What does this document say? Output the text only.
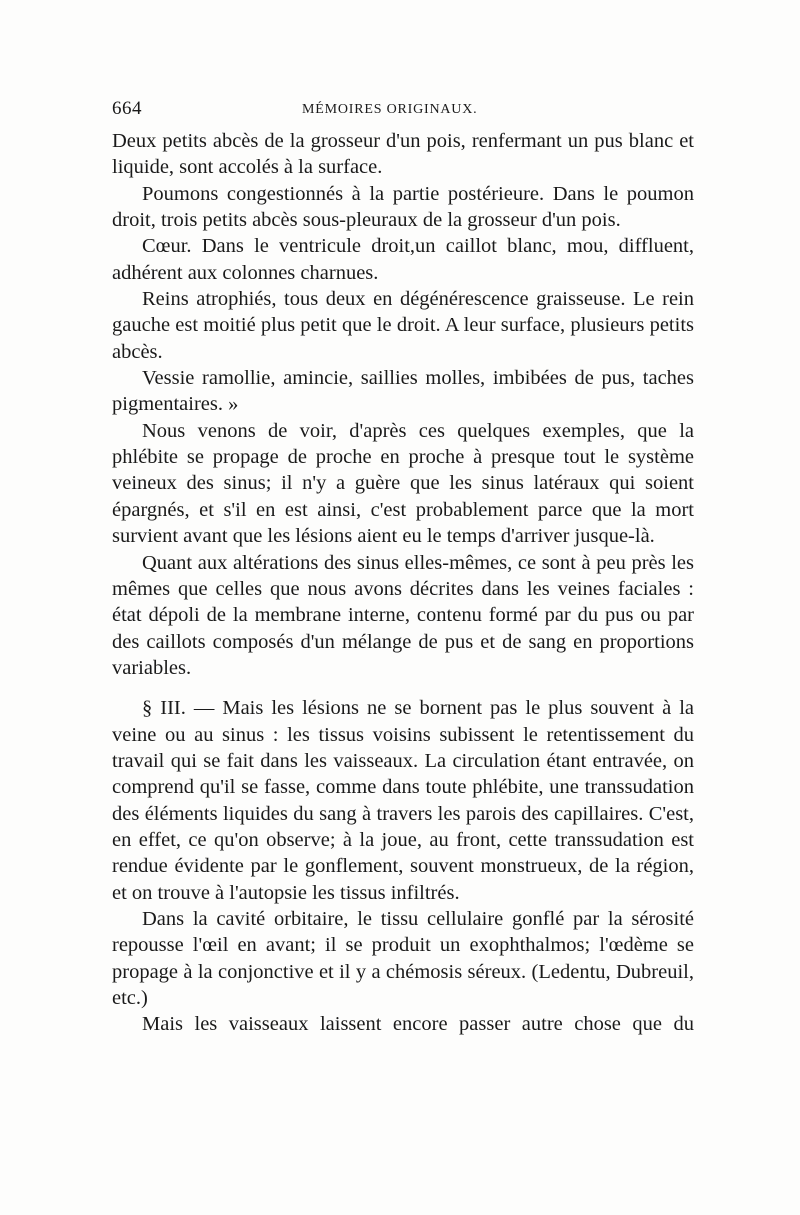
664	MÉMOIRES ORIGINAUX.

Deux petits abcès de la grosseur d'un pois, renfermant un pus blanc et liquide, sont accolés à la surface.

Poumons congestionnés à la partie postérieure. Dans le poumon droit, trois petits abcès sous-pleuraux de la grosseur d'un pois.

Cœur. Dans le ventricule droit,un caillot blanc, mou, diffluent, adhérent aux colonnes charnues.

Reins atrophiés, tous deux en dégénérescence graisseuse. Le rein gauche est moitié plus petit que le droit. A leur surface, plusieurs petits abcès.

Vessie ramollie, amincie, saillies molles, imbibées de pus, taches pigmentaires. »

Nous venons de voir, d'après ces quelques exemples, que la phlébite se propage de proche en proche à presque tout le système veineux des sinus; il n'y a guère que les sinus latéraux qui soient épargnés, et s'il en est ainsi, c'est probablement parce que la mort survient avant que les lésions aient eu le temps d'arriver jusque-là.

Quant aux altérations des sinus elles-mêmes, ce sont à peu près les mêmes que celles que nous avons décrites dans les veines faciales : état dépoli de la membrane interne, contenu formé par du pus ou par des caillots composés d'un mélange de pus et de sang en proportions variables.

§ III. — Mais les lésions ne se bornent pas le plus souvent à la veine ou au sinus : les tissus voisins subissent le retentissement du travail qui se fait dans les vaisseaux. La circulation étant entravée, on comprend qu'il se fasse, comme dans toute phlébite, une transsudation des éléments liquides du sang à travers les parois des capillaires. C'est, en effet, ce qu'on observe; à la joue, au front, cette transsudation est rendue évidente par le gonflement, souvent monstrueux, de la région, et on trouve à l'autopsie les tissus infiltrés.

Dans la cavité orbitaire, le tissu cellulaire gonflé par la sérosité repousse l'œil en avant; il se produit un exophthalmos; l'œdème se propage à la conjonctive et il y a chémosis séreux. (Ledentu, Dubreuil, etc.)

Mais les vaisseaux laissent encore passer autre chose que du
